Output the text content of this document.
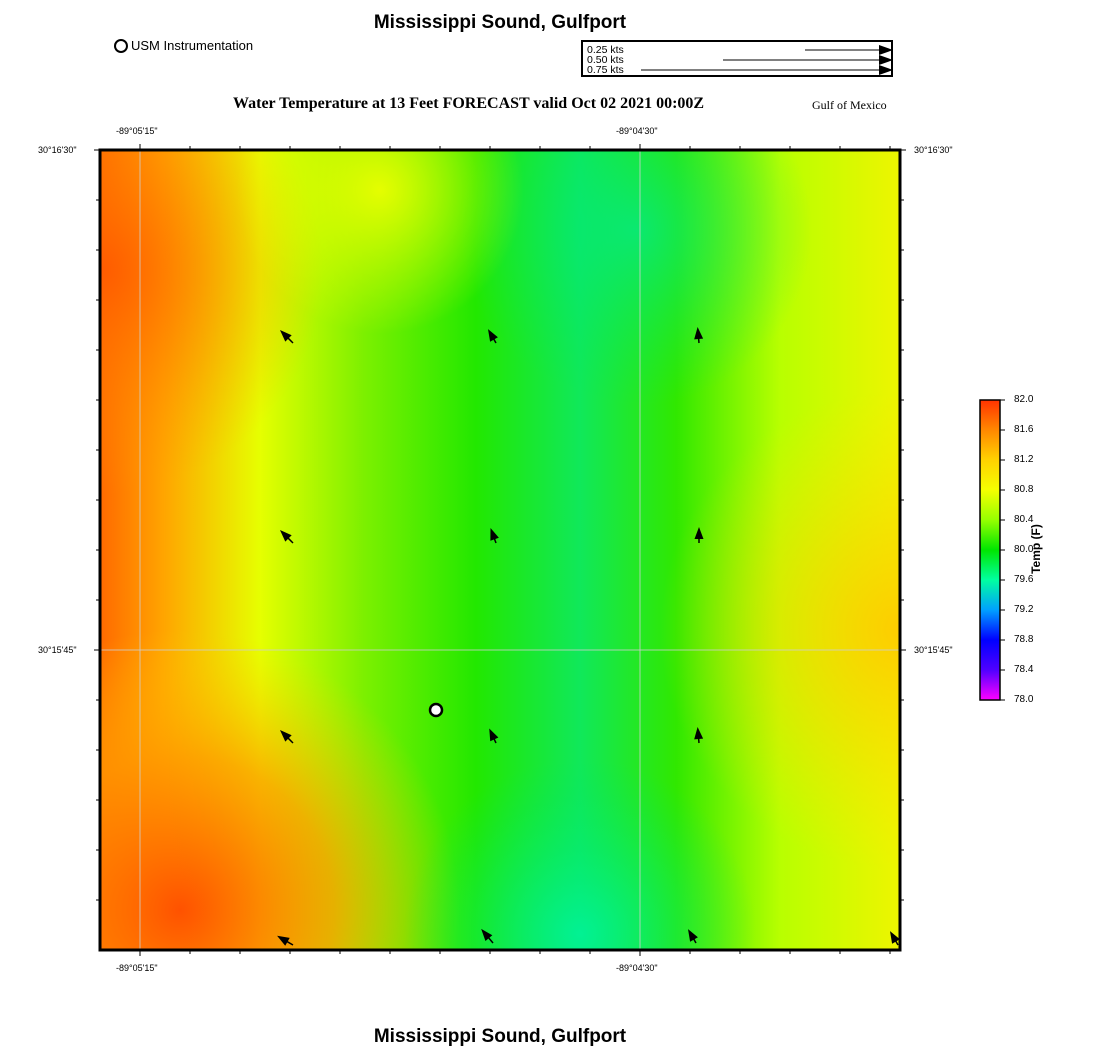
Mississippi Sound, Gulfport
USM Instrumentation	0.25 kts
0.50 kts
0.75 kts
Water Temperature at 13 Feet FORECAST valid Oct 02 2021 00:00Z	Gulf of Mexico
-89°05'15"	-89°04'30"
-89°05'15"	-89°04'30"
30°16'30"
30°15'45"
30°16'30"
30°15'45"
82.0
81.6
81.2
80.8
80.4
80.0
79.6
79.2
78.8
78.4
78.0
Temp (F)
Mississippi Sound, Gulfport
